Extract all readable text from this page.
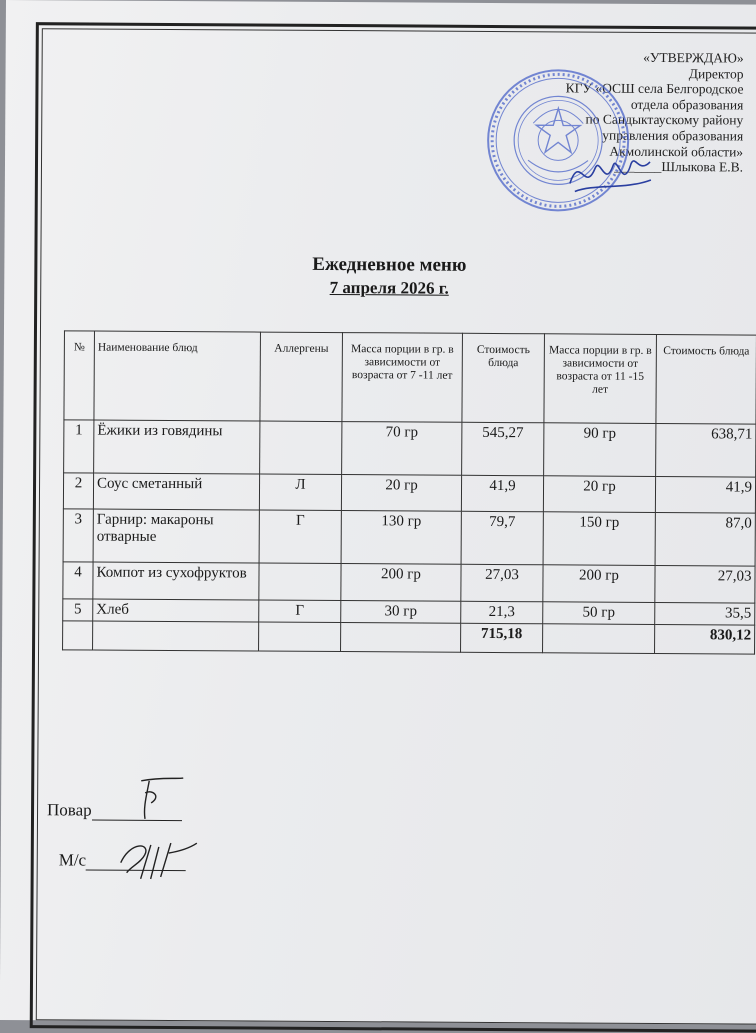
«УТВЕРЖДАЮ»
Директор
КГУ «ОСШ села Белгородское
отдела образования
по Сандыктаускому району
управления образования
Акмолинской области»
_______Шлыкова Е.В.
Ежедневное меню
7 апреля 2026 г.
№	Наименование блюд	Аллергены	Масса порции в гр. в зависимости от возраста от 7 -11 лет	Стоимость блюда	Масса порции в гр. в зависимости от возраста от 11 -15 лет	Стоимость блюда
1	Ёжики из говядины		70 гр	545,27	90 гр	638,71
2	Соус сметанный	Л	20 гр	41,9	20 гр	41,9
3	Гарнир: макароны отварные	Г	130 гр	79,7	150 гр	87,0
4	Компот из сухофруктов		200 гр	27,03	200 гр	27,03
5	Хлеб	Г	30 гр	21,3	50 гр	35,5
				715,18		830,12
Повар
М/с
